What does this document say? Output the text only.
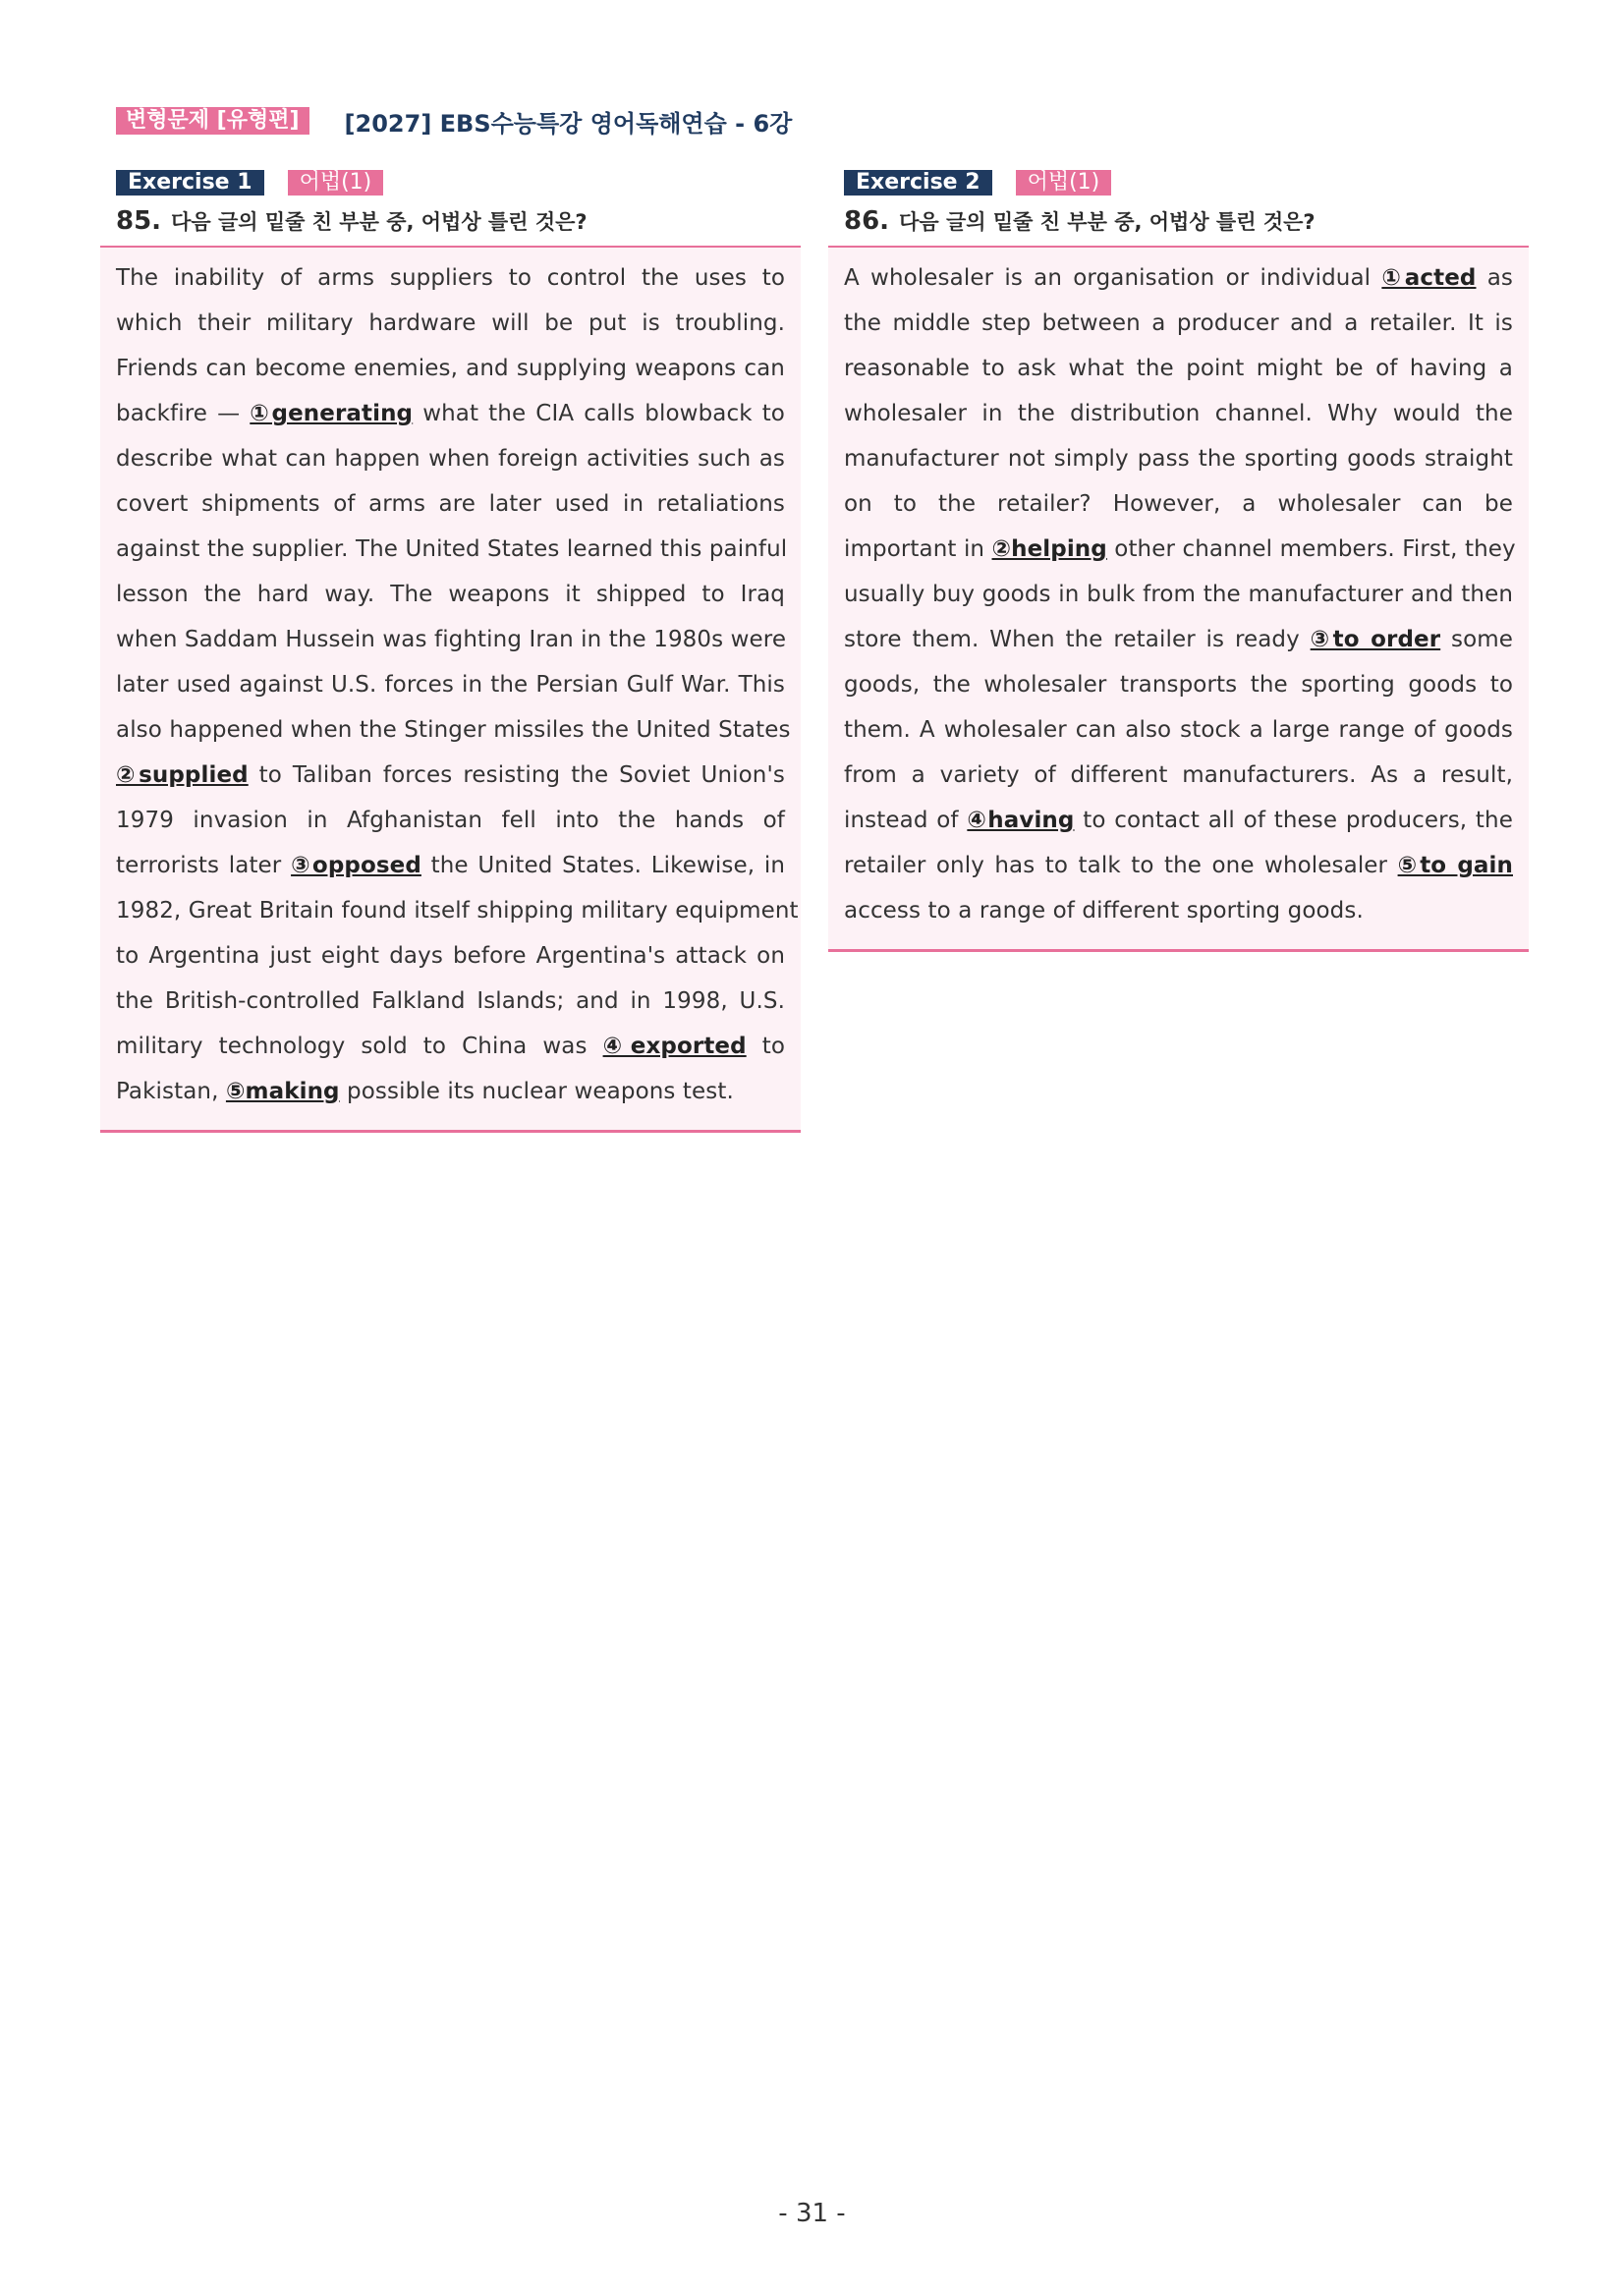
변형문제 [유형편]	[2027] EBS수능특강 영어독해연습 - 6강
Exercise 1	어법(1)
85. 다음 글의 밑줄 친 부분 중, 어법상 틀린 것은?
The inability of arms suppliers to control the uses to
which their military hardware will be put is troubling.
Friends can become enemies, and supplying weapons can
backfire — ①generating what the CIA calls blowback to
describe what can happen when foreign activities such as
covert shipments of arms are later used in retaliations
against the supplier. The United States learned this painful
lesson the hard way. The weapons it shipped to Iraq
when Saddam Hussein was fighting Iran in the 1980s were
later used against U.S. forces in the Persian Gulf War. This
also happened when the Stinger missiles the United States
②supplied to Taliban forces resisting the Soviet Union's
1979 invasion in Afghanistan fell into the hands of
terrorists later ③opposed the United States. Likewise, in
1982, Great Britain found itself shipping military equipment
to Argentina just eight days before Argentina's attack on
the British-controlled Falkland Islands; and in 1998, U.S.
military technology sold to China was ④exported to
Pakistan, ⑤making possible its nuclear weapons test.
Exercise 2	어법(1)
86. 다음 글의 밑줄 친 부분 중, 어법상 틀린 것은?
A wholesaler is an organisation or individual ①acted as
the middle step between a producer and a retailer. It is
reasonable to ask what the point might be of having a
wholesaler in the distribution channel. Why would the
manufacturer not simply pass the sporting goods straight
on to the retailer? However, a wholesaler can be
important in ②helping other channel members. First, they
usually buy goods in bulk from the manufacturer and then
store them. When the retailer is ready ③to order some
goods, the wholesaler transports the sporting goods to
them. A wholesaler can also stock a large range of goods
from a variety of different manufacturers. As a result,
instead of ④having to contact all of these producers, the
retailer only has to talk to the one wholesaler ⑤to gain
access to a range of different sporting goods.
- 31 -
